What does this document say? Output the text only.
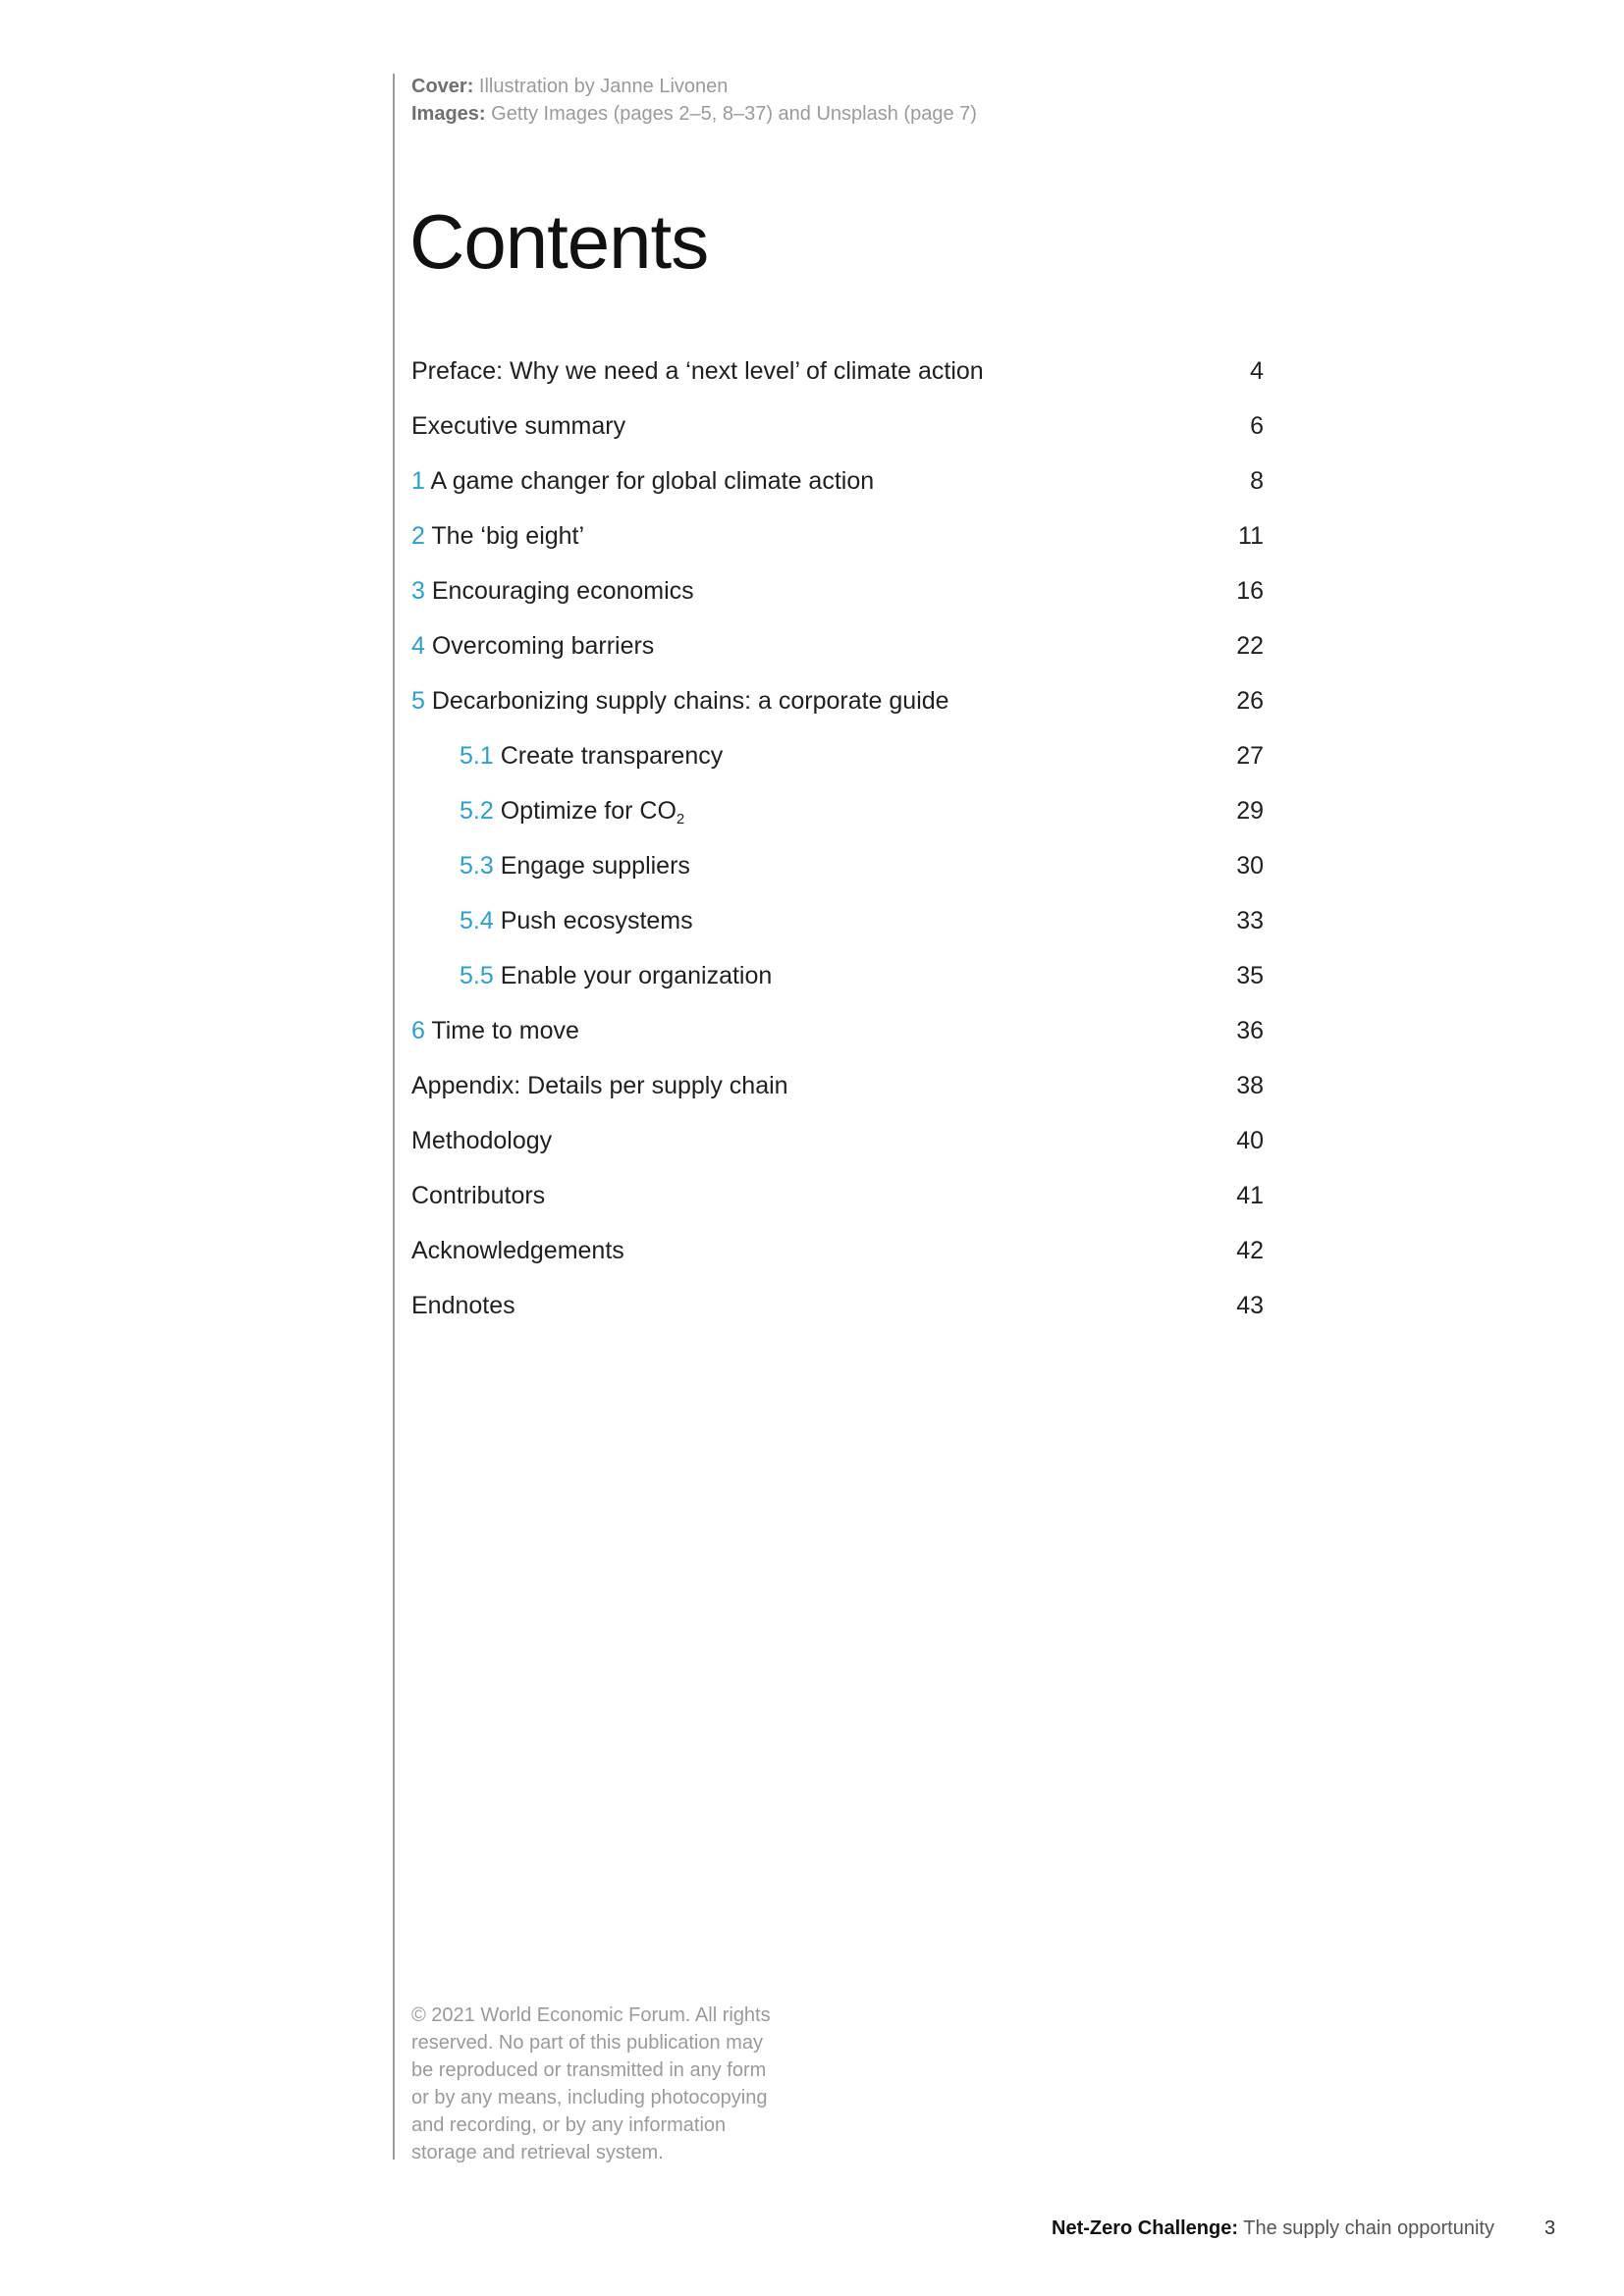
Cover: Illustration by Janne Livonen
Images: Getty Images (pages 2–5, 8–37) and Unsplash (page 7)
Contents
Preface: Why we need a ‘next level’ of climate action	4
Executive summary	6
1 A game changer for global climate action	8
2 The ‘big eight’	11
3 Encouraging economics	16
4 Overcoming barriers	22
5 Decarbonizing supply chains: a corporate guide	26
5.1 Create transparency	27
5.2 Optimize for $CO_2$	29
5.3 Engage suppliers	30
5.4 Push ecosystems	33
5.5 Enable your organization	35
6 Time to move	36
Appendix: Details per supply chain	38
Methodology	40
Contributors	41
Acknowledgements	42
Endnotes	43
© 2021 World Economic Forum. All rights
reserved. No part of this publication may
be reproduced or transmitted in any form
or by any means, including photocopying
and recording, or by any information
storage and retrieval system.
Net-Zero Challenge: The supply chain opportunity	3
